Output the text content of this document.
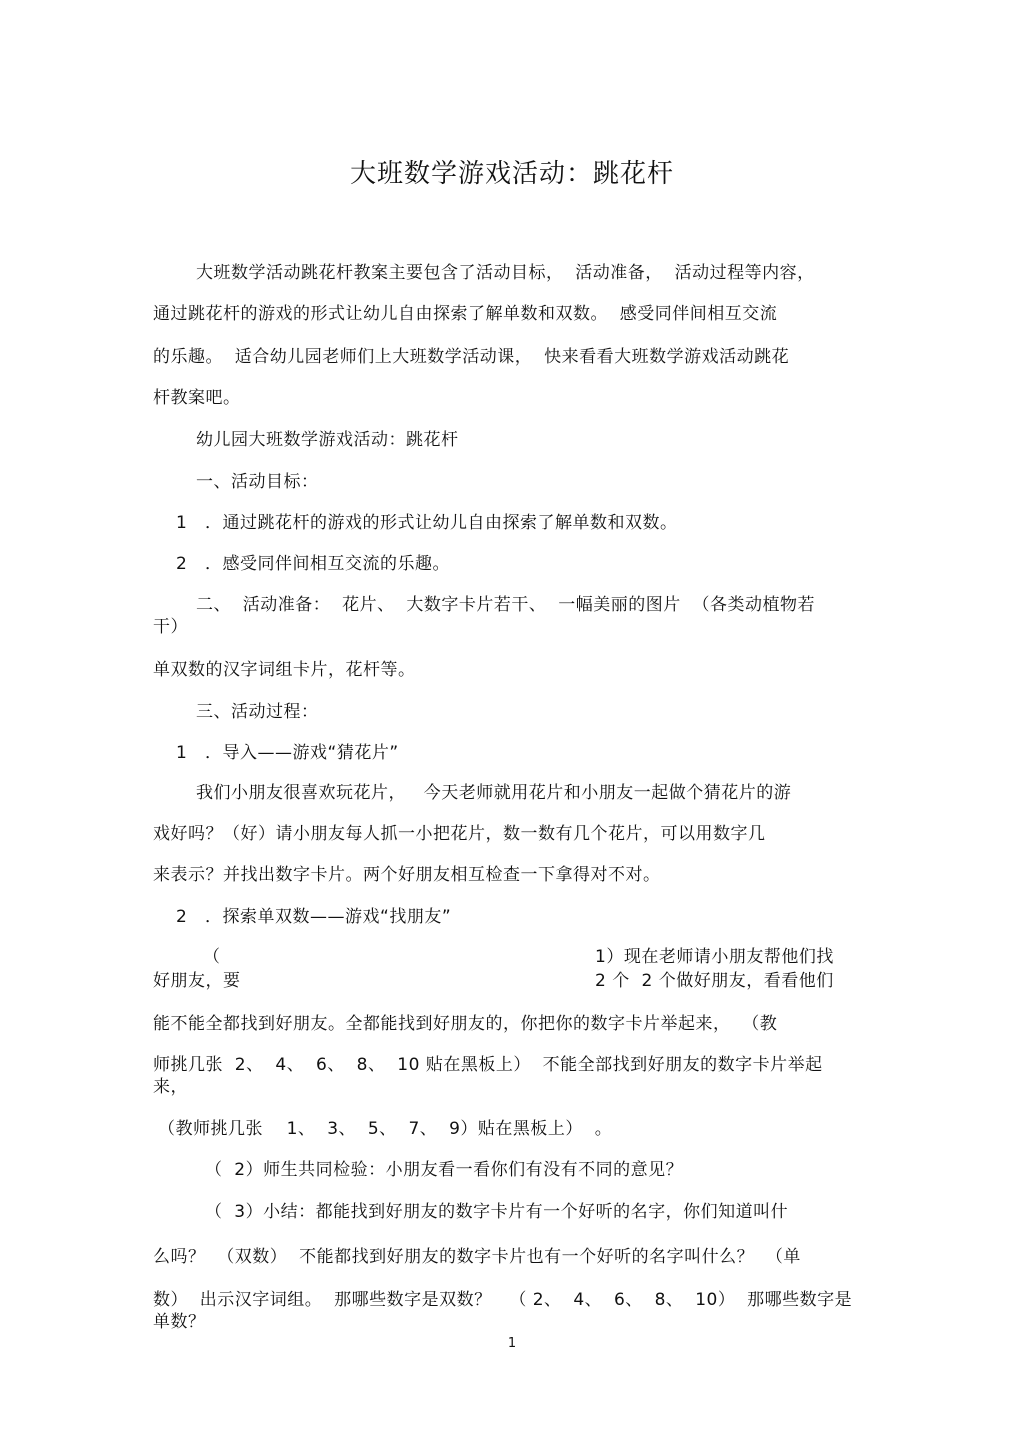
大班数学游戏活动：跳花杆
大班数学活动跳花杆教案主要包含了活动目标，  活动准备，  活动过程等内容，
通过跳花杆的游戏的形式让幼儿自由探索了解单数和双数。  感受同伴间相互交流
的乐趣。  适合幼儿园老师们上大班数学活动课，  快来看看大班数学游戏活动跳花
杆教案吧。
幼儿园大班数学游戏活动：跳花杆
一、活动目标：
1   ．通过跳花杆的游戏的形式让幼儿自由探索了解单数和双数。
2   ．感受同伴间相互交流的乐趣。
二、  活动准备：  花片、  大数字卡片若干、  一幅美丽的图片  （各类动植物若
干）
单双数的汉字词组卡片，花杆等。
三、活动过程：
1   ．导入——游戏“猜花片”
我们小朋友很喜欢玩花片，   今天老师就用花片和小朋友一起做个猜花片的游
戏好吗？（好）请小朋友每人抓一小把花片，数一数有几个花片，可以用数字几
来表示？并找出数字卡片。两个好朋友相互检查一下拿得对不对。
2   ．探索单双数——游戏“找朋友”
（	1）现在老师请小朋友帮他们找
好朋友，要	2 个  2 个做好朋友，看看他们
能不能全都找到好朋友。全都能找到好朋友的，你把你的数字卡片举起来，  （教
师挑几张  2、  4、  6、  8、  10 贴在黑板上）  不能全部找到好朋友的数字卡片举起
来，
（教师挑几张    1、  3、  5、  7、  9）贴在黑板上）  。
（  2）师生共同检验：小朋友看一看你们有没有不同的意见？
（  3）小结：都能找到好朋友的数字卡片有一个好听的名字，你们知道叫什
么吗？  （双数）  不能都找到好朋友的数字卡片也有一个好听的名字叫什么？  （单
数）  出示汉字词组。  那哪些数字是双数？   （ 2、  4、  6、  8、  10）  那哪些数字是
单数？
1
